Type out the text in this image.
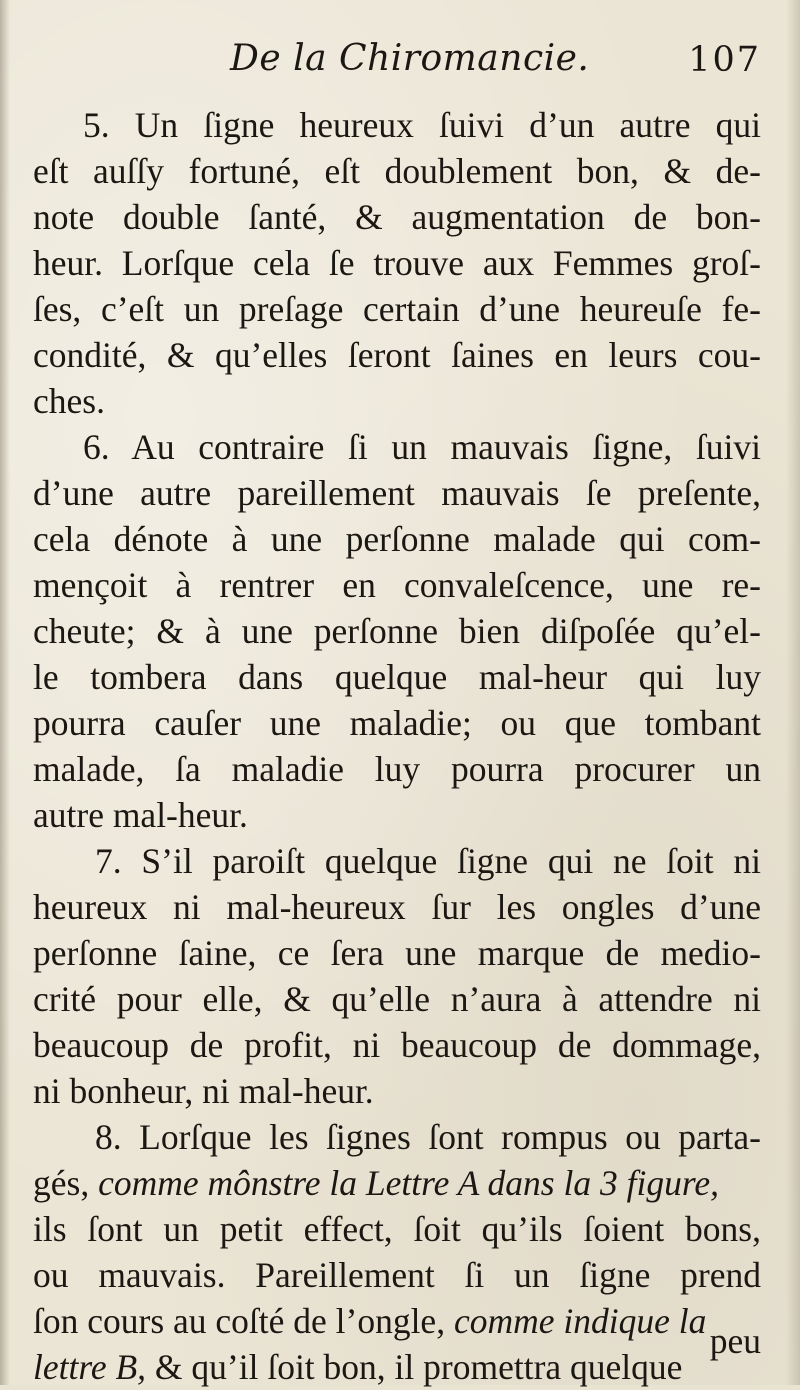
De la Chiromancie.	107
5. Un ſigne heureux ſuivi d’un autre qui
eſt auſſy fortuné, eſt doublement bon, & de-
note double ſanté, & augmentation de bon-
heur. Lorſque cela ſe trouve aux Femmes groſ-
ſes, c’eſt un preſage certain d’une heureuſe fe-
condité, & qu’elles ſeront ſaines en leurs cou-
ches.
6. Au contraire ſi un mauvais ſigne, ſuivi
d’une autre pareillement mauvais ſe preſente,
cela dénote à une perſonne malade qui com-
mençoit à rentrer en convaleſcence, une re-
cheute; & à une perſonne bien diſpoſée qu’el-
le tombera dans quelque mal-heur qui luy
pourra cauſer une maladie; ou que tombant
malade, ſa maladie luy pourra procurer un
autre mal-heur.
7. S’il paroiſt quelque ſigne qui ne ſoit ni
heureux ni mal-heureux ſur les ongles d’une
perſonne ſaine, ce ſera une marque de medio-
crité pour elle, & qu’elle n’aura à attendre ni
beaucoup de profit, ni beaucoup de dommage,
ni bonheur, ni mal-heur.
8. Lorſque les ſignes ſont rompus ou parta-
gés, comme mônstre la Lettre A dans la 3 figure,
ils ſont un petit effect, ſoit qu’ils ſoient bons,
ou mauvais. Pareillement ſi un ſigne prend
ſon cours au coſté de l’ongle, comme indique la
lettre B, & qu’il ſoit bon, il promettra quelque
peu
